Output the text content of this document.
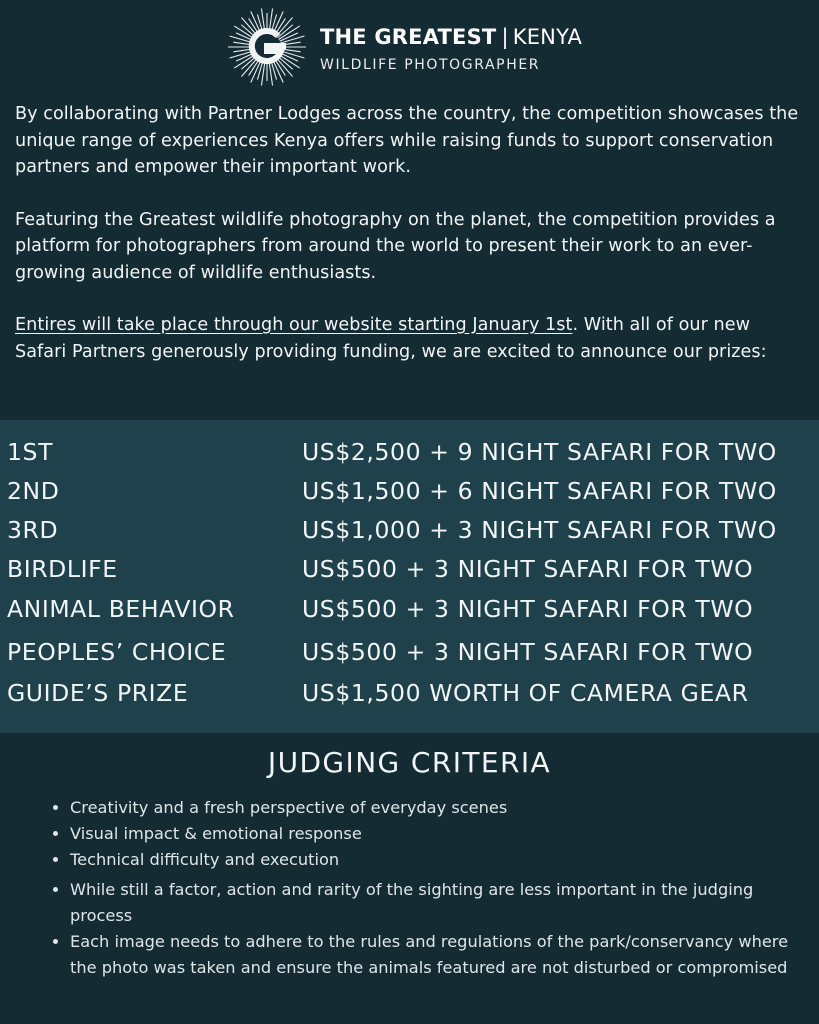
THE GREATEST | KENYA
WILDLIFE PHOTOGRAPHER

By collaborating with Partner Lodges across the country, the competition showcases the unique range of experiences Kenya offers while raising funds to support conservation partners and empower their important work.

Featuring the Greatest wildlife photography on the planet, the competition provides a platform for photographers from around the world to present their work to an ever-growing audience of wildlife enthusiasts.

Entires will take place through our website starting January 1st. With all of our new Safari Partners generously providing funding, we are excited to announce our prizes:

1ST	US$2,500 + 9 NIGHT SAFARI FOR TWO
2ND	US$1,500 + 6 NIGHT SAFARI FOR TWO
3RD	US$1,000 + 3 NIGHT SAFARI FOR TWO
BIRDLIFE	US$500 + 3 NIGHT SAFARI FOR TWO
ANIMAL BEHAVIOR	US$500 + 3 NIGHT SAFARI FOR TWO
PEOPLES’ CHOICE	US$500 + 3 NIGHT SAFARI FOR TWO
GUIDE’S PRIZE	US$1,500 WORTH OF CAMERA GEAR
JUDGING CRITERIA
• Creativity and a fresh perspective of everyday scenes
• Visual impact & emotional response
• Technical difficulty and execution
• While still a factor, action and rarity of the sighting are less important in the judging process
• Each image needs to adhere to the rules and regulations of the park/conservancy where the photo was taken and ensure the animals featured are not disturbed or compromised
